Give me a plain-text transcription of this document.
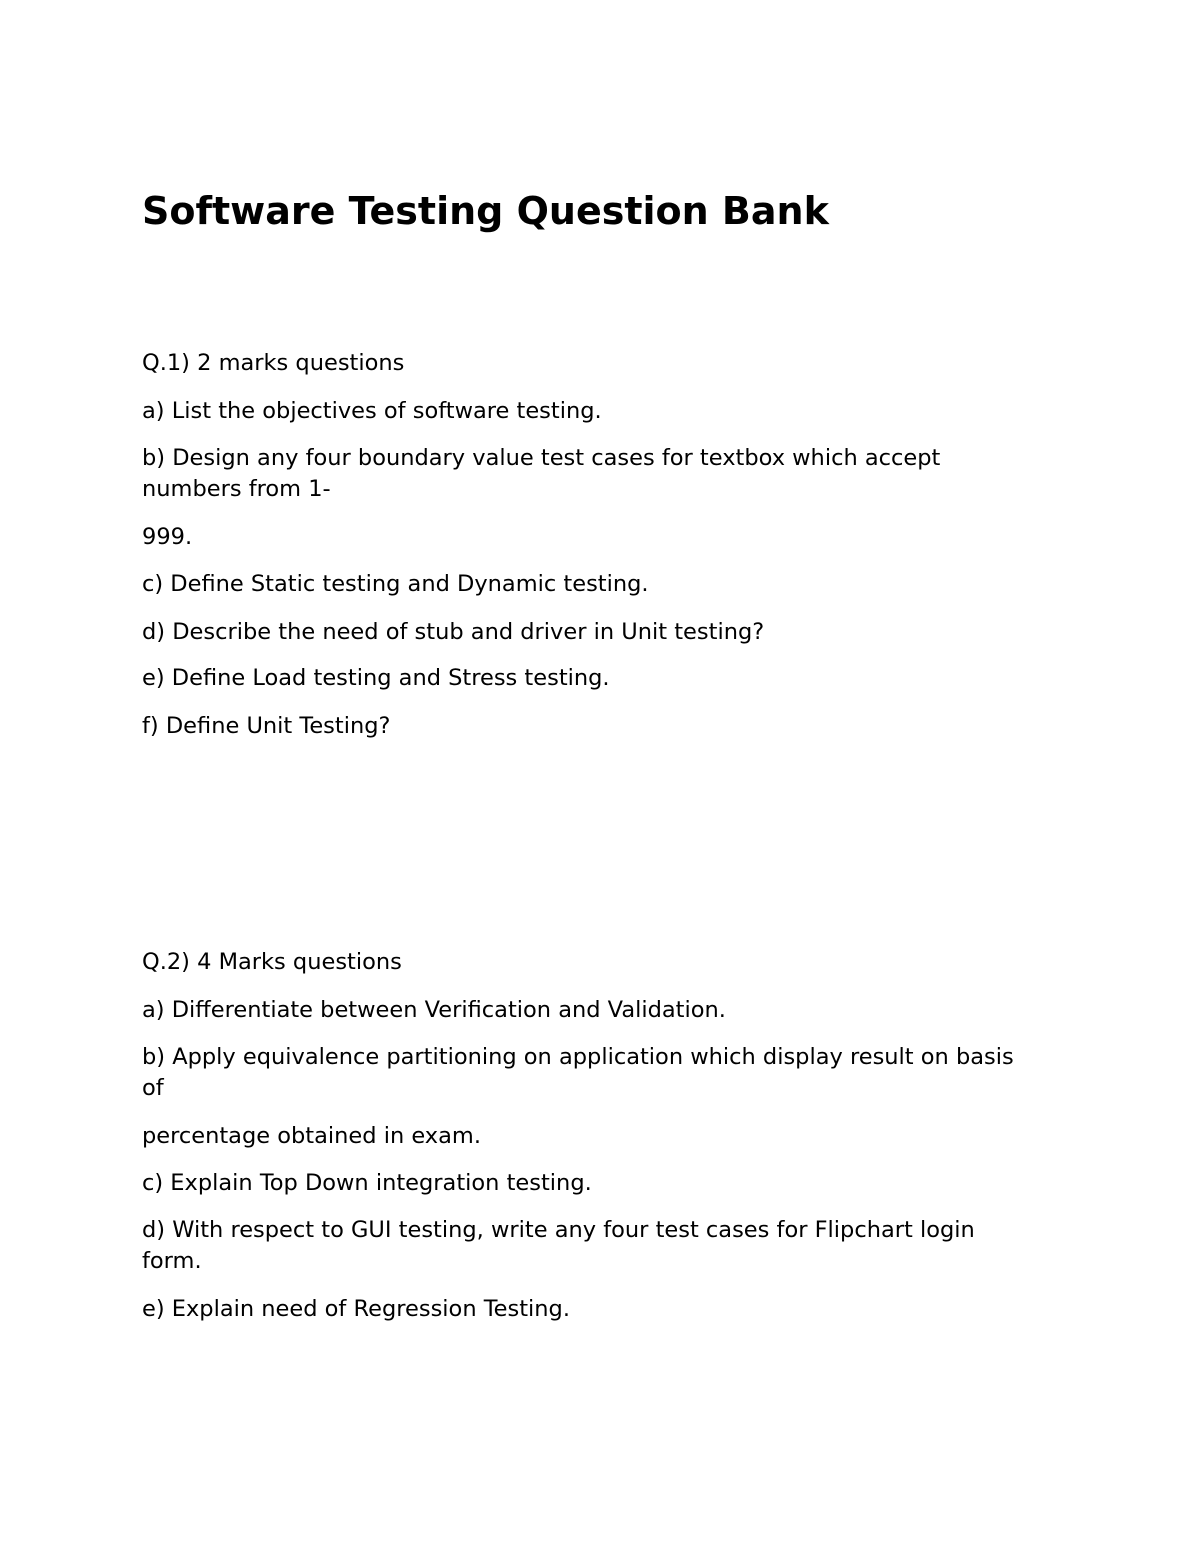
Software Testing Question Bank

Q.1) 2 marks questions

a) List the objectives of software testing.

b) Design any four boundary value test cases for textbox which accept

numbers from 1-

999.

c) Define Static testing and Dynamic testing.

d) Describe the need of stub and driver in Unit testing?

e) Define Load testing and Stress testing.

f) Define Unit Testing?

Q.2) 4 Marks questions

a) Differentiate between Verification and Validation.

b) Apply equivalence partitioning on application which display result on basis

of

percentage obtained in exam.

c) Explain Top Down integration testing.

d) With respect to GUI testing, write any four test cases for Flipchart login

form.

e) Explain need of Regression Testing.
